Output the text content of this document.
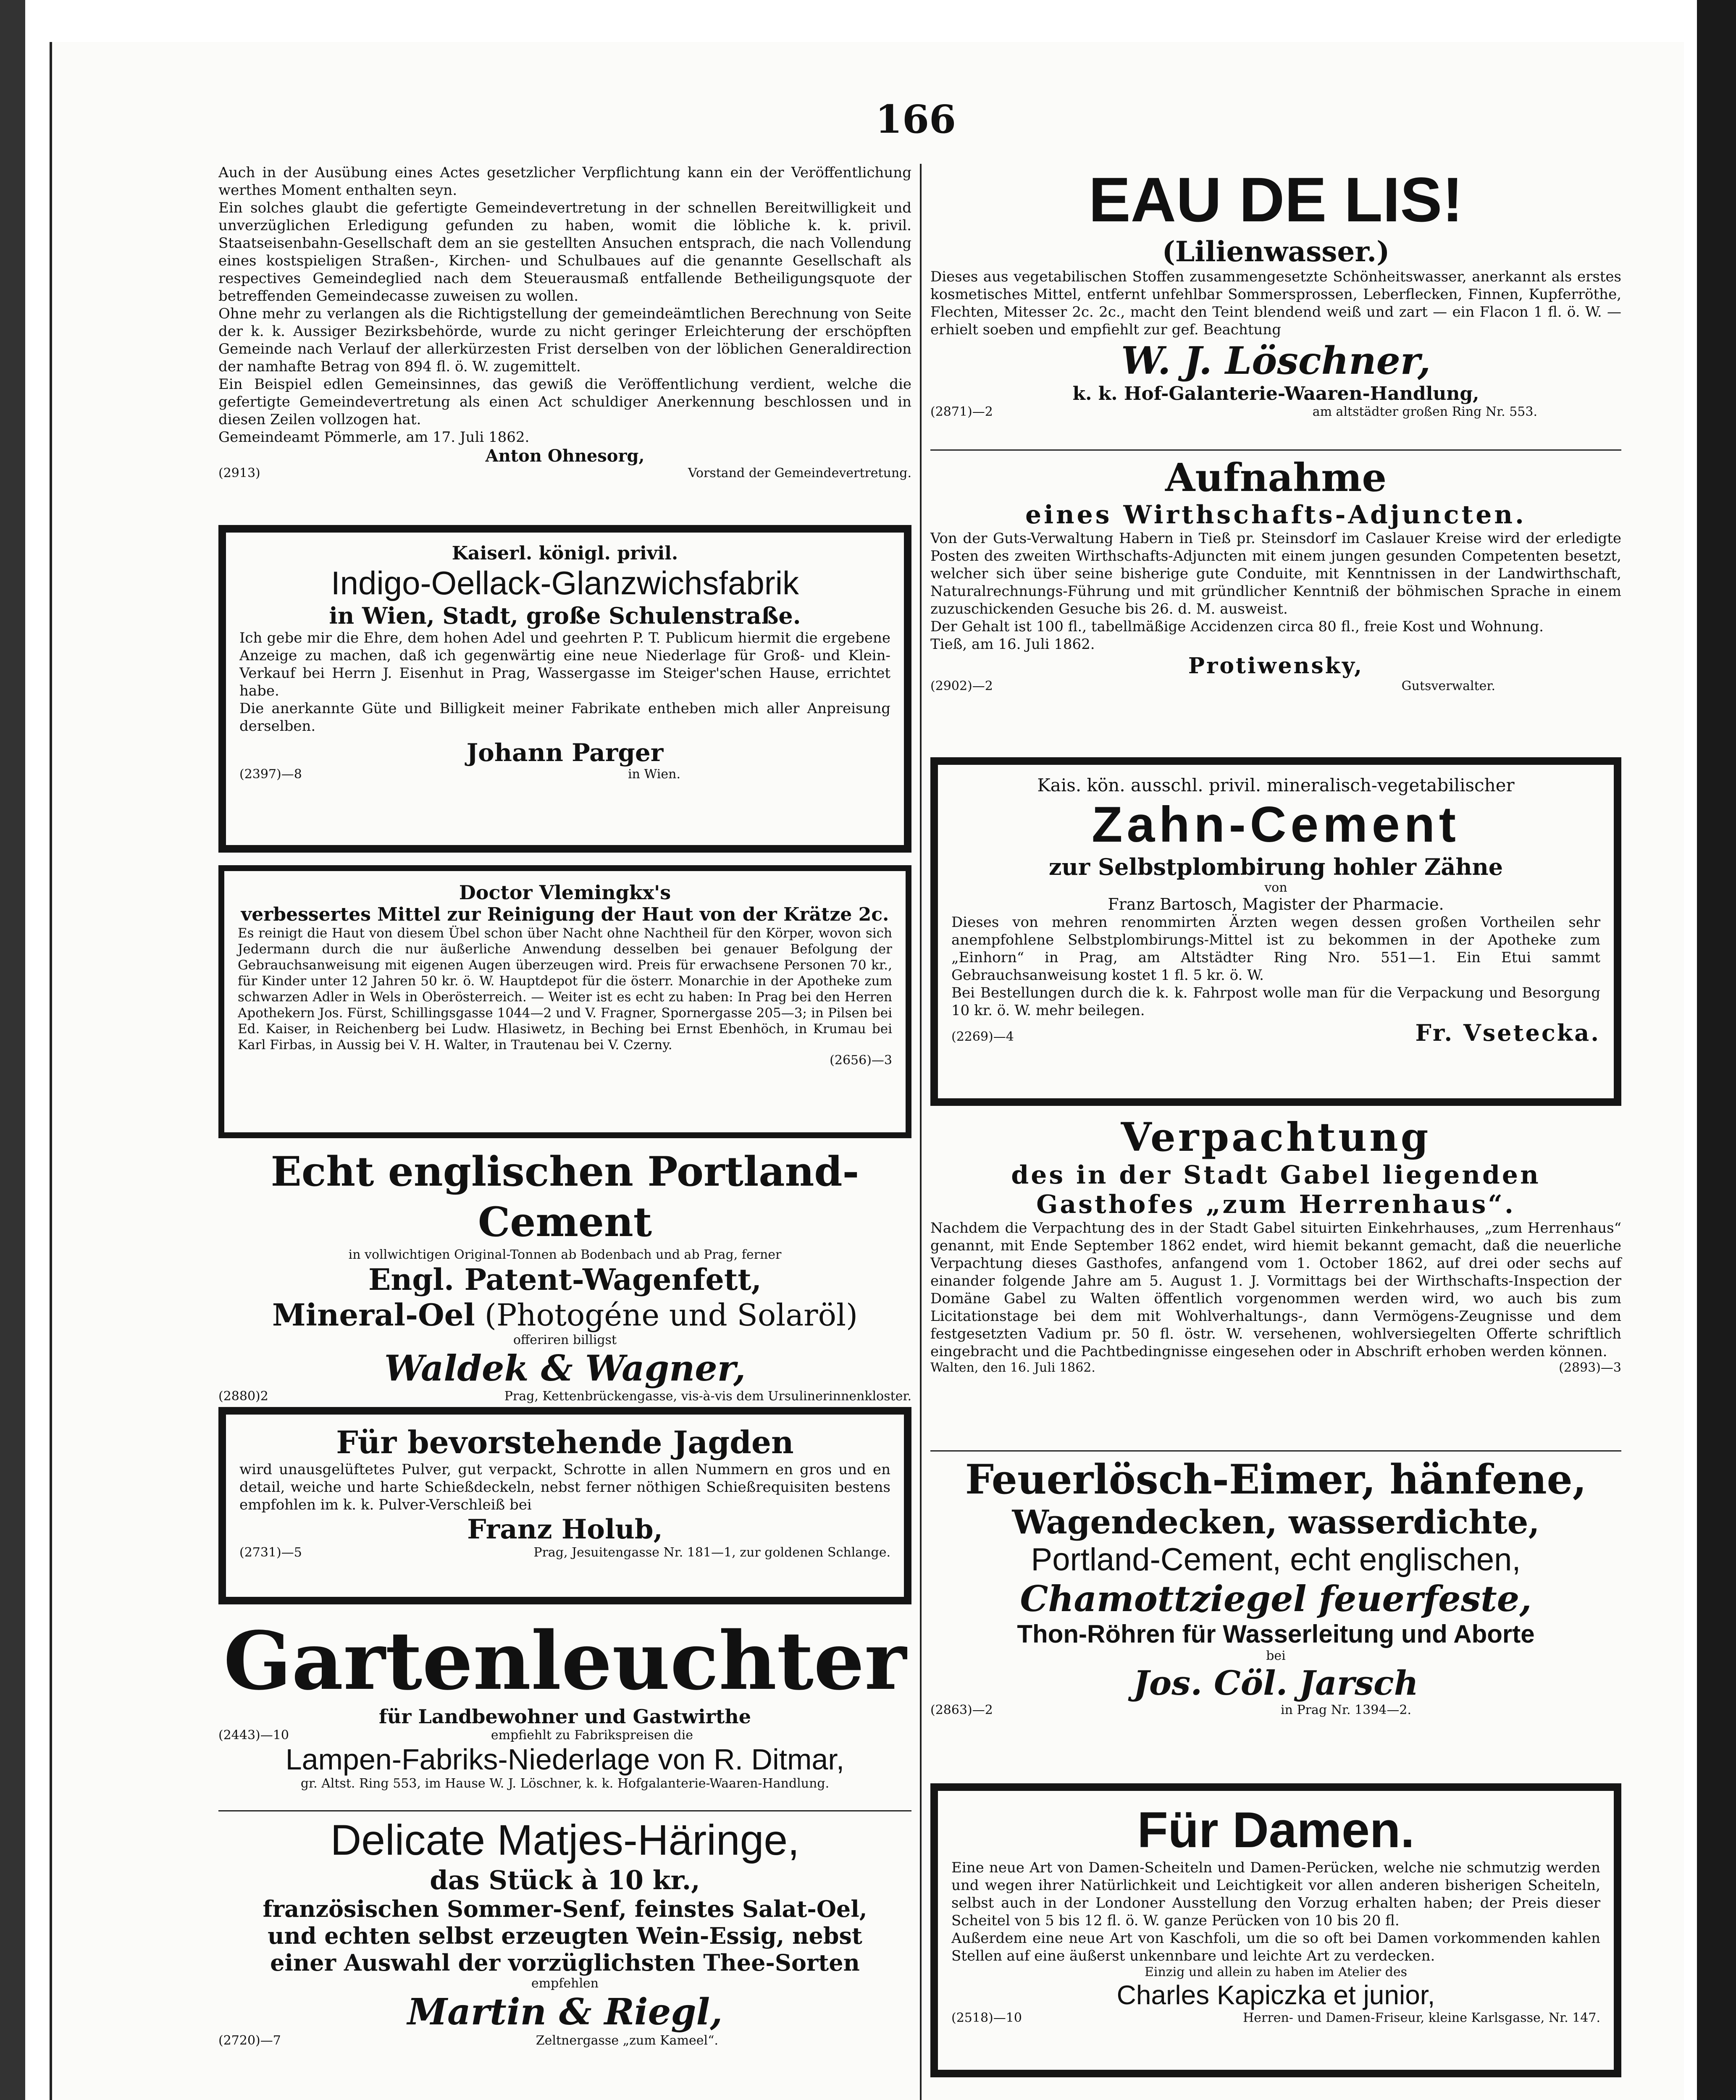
166
Auch in der Ausübung eines Actes gesetzlicher Verpflichtung kann ein der Veröffentlichung werthes Moment enthalten seyn.
Ein solches glaubt die gefertigte Gemeindevertretung in der schnellen Bereitwilligkeit und unverzüglichen Erledigung gefunden zu haben, womit die löbliche k. k. privil. Staatseisenbahn-Gesellschaft dem an sie gestellten Ansuchen entsprach, die nach Vollendung eines kostspieligen Straßen-, Kirchen- und Schulbaues auf die genannte Gesellschaft als respectives Gemeindeglied nach dem Steuerausmaß entfallende Betheiligungsquote der betreffenden Gemeindecasse zuweisen zu wollen.
Ohne mehr zu verlangen als die Richtigstellung der gemeindeämtlichen Berechnung von Seite der k. k. Aussiger Bezirksbehörde, wurde zu nicht geringer Erleichterung der erschöpften Gemeinde nach Verlauf der allerkürzesten Frist derselben von der löblichen Generaldirection der namhafte Betrag von 894 fl. ö. W. zugemittelt.
Ein Beispiel edlen Gemeinsinnes, das gewiß die Veröffentlichung verdient, welche die gefertigte Gemeindevertretung als einen Act schuldiger Anerkennung beschlossen und in diesen Zeilen vollzogen hat.
Gemeindeamt Pömmerle, am 17. Juli 1862.
Anton Ohnesorg,
(2913)	Vorstand der Gemeindevertretung.
Kaiserl. königl. privil.
Indigo-Oellack-Glanzwichsfabrik
in Wien, Stadt, große Schulenstraße.
Ich gebe mir die Ehre, dem hohen Adel und geehrten P. T. Publicum hiermit die ergebene Anzeige zu machen, daß ich gegenwärtig eine neue Niederlage für Groß- und Klein-Verkauf bei Herrn J. Eisenhut in Prag, Wassergasse im Steiger'schen Hause, errichtet habe.
Die anerkannte Güte und Billigkeit meiner Fabrikate entheben mich aller Anpreisung derselben.
Johann Parger
(2397)—8	in Wien.
Doctor Vlemingkx's
verbessertes Mittel zur Reinigung der Haut von der Krätze 2c.
Es reinigt die Haut von diesem Übel schon über Nacht ohne Nachtheil für den Körper, wovon sich Jedermann durch die nur äußerliche Anwendung desselben bei genauer Befolgung der Gebrauchsanweisung mit eigenen Augen überzeugen wird. Preis für erwachsene Personen 70 kr., für Kinder unter 12 Jahren 50 kr. ö. W. Hauptdepot für die österr. Monarchie in der Apotheke zum schwarzen Adler in Wels in Oberösterreich. — Weiter ist es echt zu haben: In Prag bei den Herren Apothekern Jos. Fürst, Schillingsgasse 1044—2 und V. Fragner, Spornergasse 205—3; in Pilsen bei Ed. Kaiser, in Reichenberg bei Ludw. Hlasiwetz, in Beching bei Ernst Ebenhöch, in Krumau bei Karl Firbas, in Aussig bei V. H. Walter, in Trautenau bei V. Czerny.
(2656)—3
Echt englischen Portland-Cement
in vollwichtigen Original-Tonnen ab Bodenbach und ab Prag, ferner
Engl. Patent-Wagenfett,
Mineral-Oel (Photogéne und Solaröl)
offeriren billigst
Waldek & Wagner,
(2880)2	Prag, Kettenbrückengasse, vis-à-vis dem Ursulinerinnenkloster.
Für bevorstehende Jagden
wird unausgelüftetes Pulver, gut verpackt, Schrotte in allen Nummern en gros und en detail, weiche und harte Schießdeckeln, nebst ferner nöthigen Schießrequisiten bestens empfohlen im k. k. Pulver-Verschleiß bei
Franz Holub,
(2731)—5	Prag, Jesuitengasse Nr. 181—1, zur goldenen Schlange.
Gartenleuchter
für Landbewohner und Gastwirthe
(2443)—10	empfiehlt zu Fabrikspreisen die
Lampen-Fabriks-Niederlage von R. Ditmar,
gr. Altst. Ring 553, im Hause W. J. Löschner, k. k. Hofgalanterie-Waaren-Handlung.
Delicate Matjes-Häringe,
das Stück à 10 kr.,
französischen Sommer-Senf, feinstes Salat-Oel,
und echten selbst erzeugten Wein-Essig, nebst
einer Auswahl der vorzüglichsten Thee-Sorten
empfehlen
Martin & Riegl,
(2720)—7	Zeltnergasse „zum Kameel“.
EAU DE LIS!
(Lilienwasser.)
Dieses aus vegetabilischen Stoffen zusammengesetzte Schönheitswasser, anerkannt als erstes kosmetisches Mittel, entfernt unfehlbar Sommersprossen, Leberflecken, Finnen, Kupferröthe, Flechten, Mitesser 2c. 2c., macht den Teint blendend weiß und zart — ein Flacon 1 fl. ö. W. — erhielt soeben und empfiehlt zur gef. Beachtung
W. J. Löschner,
k. k. Hof-Galanterie-Waaren-Handlung,
(2871)—2	am altstädter großen Ring Nr. 553.
Aufnahme
eines Wirthschafts-Adjuncten.
Von der Guts-Verwaltung Habern in Tieß pr. Steinsdorf im Caslauer Kreise wird der erledigte Posten des zweiten Wirthschafts-Adjuncten mit einem jungen gesunden Competenten besetzt, welcher sich über seine bisherige gute Conduite, mit Kenntnissen in der Landwirthschaft, Naturalrechnungs-Führung und mit gründlicher Kenntniß der böhmischen Sprache in einem zuzuschickenden Gesuche bis 26. d. M. ausweist.
Der Gehalt ist 100 fl., tabellmäßige Accidenzen circa 80 fl., freie Kost und Wohnung.
Tieß, am 16. Juli 1862.
Protiwensky,
(2902)—2	Gutsverwalter.
Kais. kön. ausschl. privil. mineralisch-vegetabilischer
Zahn-Cement
zur Selbstplombirung hohler Zähne
von
Franz Bartosch, Magister der Pharmacie.
Dieses von mehren renommirten Ärzten wegen dessen großen Vortheilen sehr anempfohlene Selbstplombirungs-Mittel ist zu bekommen in der Apotheke zum „Einhorn“ in Prag, am Altstädter Ring Nro. 551—1. Ein Etui sammt Gebrauchsanweisung kostet 1 fl. 5 kr. ö. W.
Bei Bestellungen durch die k. k. Fahrpost wolle man für die Verpackung und Besorgung 10 kr. ö. W. mehr beilegen.
(2269)—4	Fr. Vsetecka.
Verpachtung
des in der Stadt Gabel liegenden Gasthofes „zum Herrenhaus“.
Nachdem die Verpachtung des in der Stadt Gabel situirten Einkehrhauses, „zum Herrenhaus“ genannt, mit Ende September 1862 endet, wird hiemit bekannt gemacht, daß die neuerliche Verpachtung dieses Gasthofes, anfangend vom 1. October 1862, auf drei oder sechs auf einander folgende Jahre am 5. August 1. J. Vormittags bei der Wirthschafts-Inspection der Domäne Gabel zu Walten öffentlich vorgenommen werden wird, wo auch bis zum Licitationstage bei dem mit Wohlverhaltungs-, dann Vermögens-Zeugnisse und dem festgesetzten Vadium pr. 50 fl. östr. W. versehenen, wohlversiegelten Offerte schriftlich eingebracht und die Pachtbedingnisse eingesehen oder in Abschrift erhoben werden können.
Walten, den 16. Juli 1862.	(2893)—3
Feuerlösch-Eimer, hänfene,
Wagendecken, wasserdichte,
Portland-Cement, echt englischen,
Chamottziegel feuerfeste,
Thon-Röhren für Wasserleitung und Aborte
bei
Jos. Cöl. Jarsch
(2863)—2	in Prag Nr. 1394—2.
Für Damen.
Eine neue Art von Damen-Scheiteln und Damen-Perücken, welche nie schmutzig werden und wegen ihrer Natürlichkeit und Leichtigkeit vor allen anderen bisherigen Scheiteln, selbst auch in der Londoner Ausstellung den Vorzug erhalten haben; der Preis dieser Scheitel von 5 bis 12 fl. ö. W. ganze Perücken von 10 bis 20 fl.
Außerdem eine neue Art von Kaschfoli, um die so oft bei Damen vorkommenden kahlen Stellen auf eine äußerst unkennbare und leichte Art zu verdecken.
Einzig und allein zu haben im Atelier des
Charles Kapiczka et junior,
(2518)—10	Herren- und Damen-Friseur, kleine Karlsgasse, Nr. 147.
